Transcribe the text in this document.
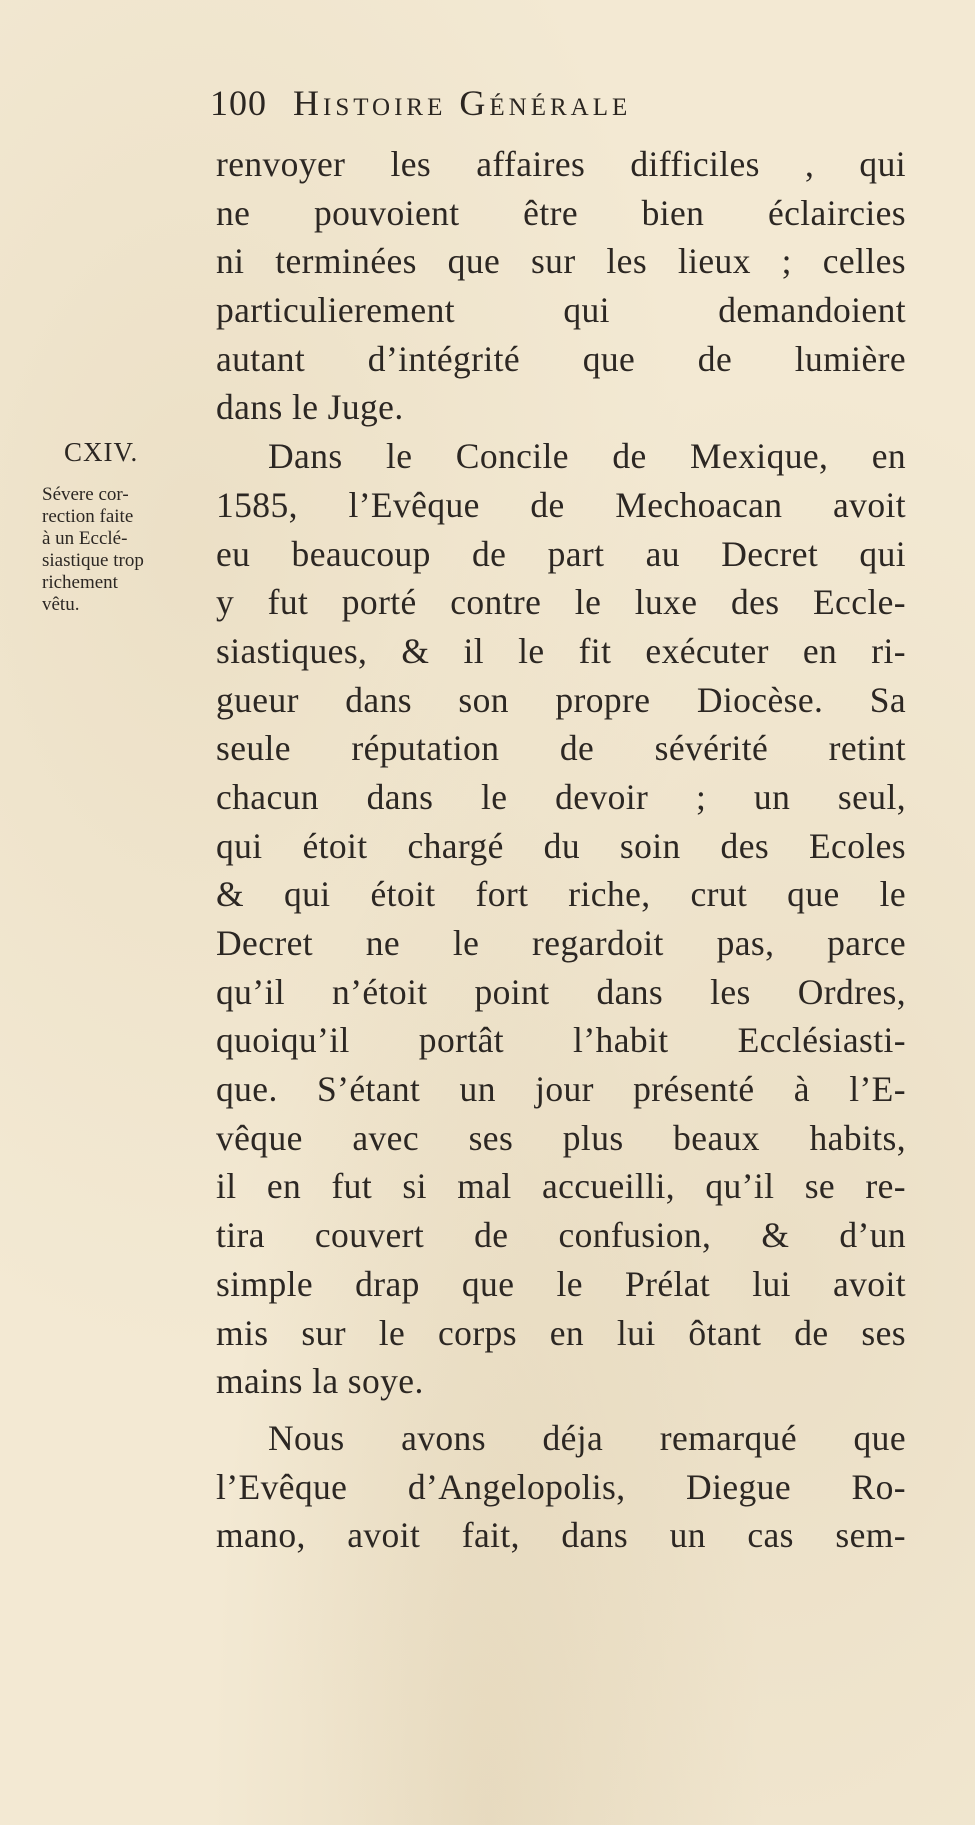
100 Histoire Générale
CXIV.
Sévere cor-
rection faite
à un Ecclé-
siastique trop
richement
vêtu.
renvoyer les affaires difficiles , qui
ne pouvoient être bien éclaircies
ni terminées que sur les lieux ; celles
particulierement qui demandoient
autant d’intégrité que de lumière
dans le Juge.
Dans le Concile de Mexique, en
1585, l’Evêque de Mechoacan avoit
eu beaucoup de part au Decret qui
y fut porté contre le luxe des Eccle-
siastiques, & il le fit exécuter en ri-
gueur dans son propre Diocèse. Sa
seule réputation de sévérité retint
chacun dans le devoir ; un seul,
qui étoit chargé du soin des Ecoles
& qui étoit fort riche, crut que le
Decret ne le regardoit pas, parce
qu’il n’étoit point dans les Ordres,
quoiqu’il portât l’habit Ecclésiasti-
que. S’étant un jour présenté à l’E-
vêque avec ses plus beaux habits,
il en fut si mal accueilli, qu’il se re-
tira couvert de confusion, & d’un
simple drap que le Prélat lui avoit
mis sur le corps en lui ôtant de ses
mains la soye.
Nous avons déja remarqué que
l’Evêque d’Angelopolis, Diegue Ro-
mano, avoit fait, dans un cas sem-
